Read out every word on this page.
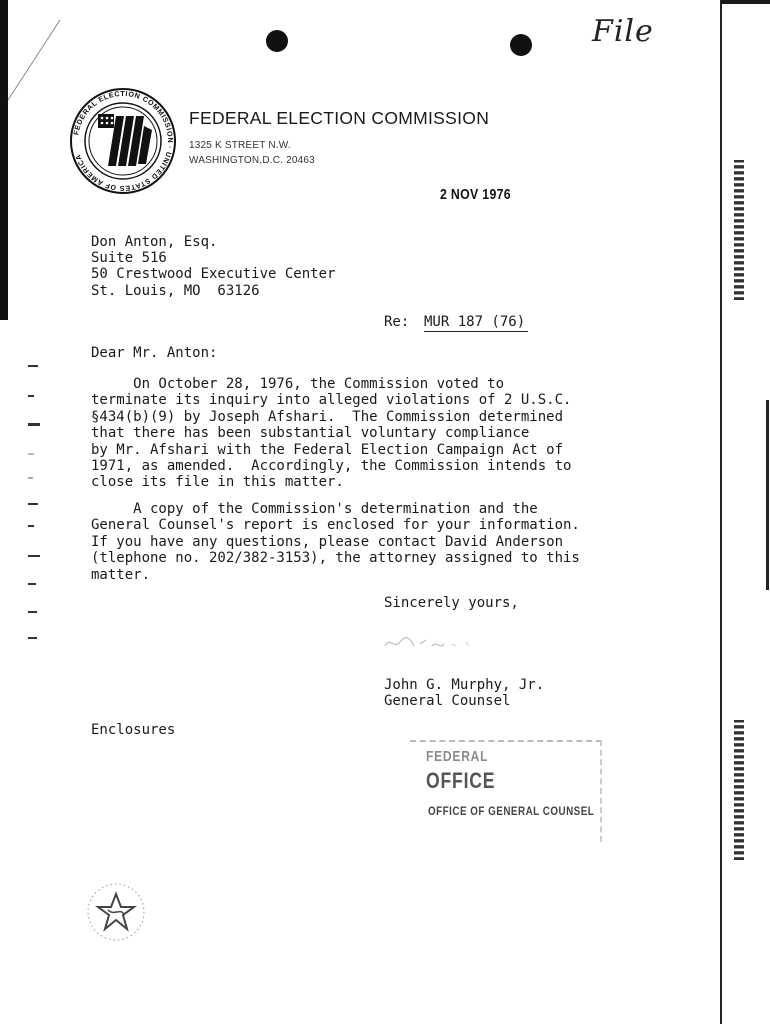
File
FEDERAL ELECTION COMMISSION · UNITED STATES OF AMERICA
FEDERAL ELECTION COMMISSION
1325 K STREET N.W.
WASHINGTON,D.C. 20463
2 NOV 1976
Don Anton, Esq.
Suite 516
50 Crestwood Executive Center
St. Louis, MO  63126
Re: MUR 187 (76)
Dear Mr. Anton:
On October 28, 1976, the Commission voted to
terminate its inquiry into alleged violations of 2 U.S.C.
§434(b)(9) by Joseph Afshari.  The Commission determined
that there has been substantial voluntary compliance
by Mr. Afshari with the Federal Election Campaign Act of
1971, as amended.  Accordingly, the Commission intends to
close its file in this matter.
A copy of the Commission's determination and the
General Counsel's report is enclosed for your information.
If you have any questions, please contact David Anderson
(tlephone no. 202/382-3153), the attorney assigned to this
matter.
Sincerely yours,
John G. Murphy, Jr.
General Counsel
Enclosures
FEDERAL
OFFICE
OFFICE OF GENERAL COUNSEL
